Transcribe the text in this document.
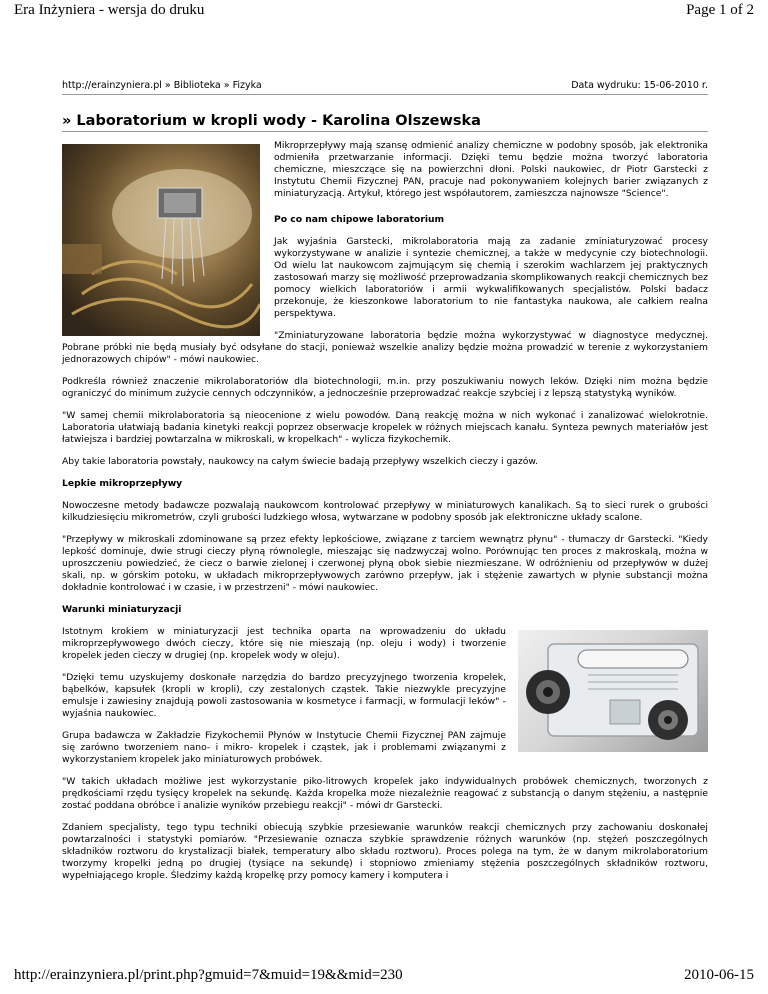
Era Inżyniera - wersja do druku	Page 1 of 2
http://erainzyniera.pl » Biblioteka » Fizyka	Data wydruku: 15-06-2010 r.
» Laboratorium w kropli wody - Karolina Olszewska

Mikroprzepływy mają szansę odmienić analizy chemiczne w podobny sposób, jak elektronika odmieniła przetwarzanie informacji. Dzięki temu będzie można tworzyć laboratoria chemiczne, mieszczące się na powierzchni dłoni. Polski naukowiec, dr Piotr Garstecki z Instytutu Chemii Fizycznej PAN, pracuje nad pokonywaniem kolejnych barier związanych z miniaturyzacją. Artykuł, którego jest współautorem, zamieszcza najnowsze "Science".

Po co nam chipowe laboratorium

Jak wyjaśnia Garstecki, mikrolaboratoria mają za zadanie zminiaturyzować procesy wykorzystywane w analizie i syntezie chemicznej, a także w medycynie czy biotechnologii. Od wielu lat naukowcom zajmującym się chemią i szerokim wachlarzem jej praktycznych zastosowań marzy się możliwość przeprowadzania skomplikowanych reakcji chemicznych bez pomocy wielkich laboratoriów i armii wykwalifikowanych specjalistów. Polski badacz przekonuje, że kieszonkowe laboratorium to nie fantastyka naukowa, ale całkiem realna perspektywa.

"Zminiaturyzowane laboratoria będzie można wykorzystywać w diagnostyce medycznej. Pobrane próbki nie będą musiały być odsyłane do stacji, ponieważ wszelkie analizy będzie można prowadzić w terenie z wykorzystaniem jednorazowych chipów" - mówi naukowiec.

Podkreśla również znaczenie mikrolaboratoriów dla biotechnologii, m.in. przy poszukiwaniu nowych leków. Dzięki nim można będzie ograniczyć do minimum zużycie cennych odczynników, a jednocześnie przeprowadzać reakcje szybciej i z lepszą statystyką wyników.

"W samej chemii mikrolaboratoria są nieocenione z wielu powodów. Daną reakcję można w nich wykonać i zanalizować wielokrotnie. Laboratoria ułatwiają badania kinetyki reakcji poprzez obserwacje kropelek w różnych miejscach kanału. Synteza pewnych materiałów jest łatwiejsza i bardziej powtarzalna w mikroskali, w kropelkach" - wylicza fizykochemik.

Aby takie laboratoria powstały, naukowcy na całym świecie badają przepływy wszelkich cieczy i gazów.

Lepkie mikroprzepływy

Nowoczesne metody badawcze pozwalają naukowcom kontrolować przepływy w miniaturowych kanalikach. Są to sieci rurek o grubości kilkudziesięciu mikrometrów, czyli grubości ludzkiego włosa, wytwarzane w podobny sposób jak elektroniczne układy scalone.

"Przepływy w mikroskali zdominowane są przez efekty lepkościowe, związane z tarciem wewnątrz płynu" - tłumaczy dr Garstecki. "Kiedy lepkość dominuje, dwie strugi cieczy płyną równolegle, mieszając się nadzwyczaj wolno. Porównując ten proces z makroskalą, można w uproszczeniu powiedzieć, że ciecz o barwie zielonej i czerwonej płyną obok siebie niezmieszane. W odróżnieniu od przepływów w dużej skali, np. w górskim potoku, w układach mikroprzepływowych zarówno przepływ, jak i stężenie zawartych w płynie substancji można dokładnie kontrolować i w czasie, i w przestrzeni" - mówi naukowiec.

Warunki miniaturyzacji

Istotnym krokiem w miniaturyzacji jest technika oparta na wprowadzeniu do układu mikroprzepływowego dwóch cieczy, które się nie mieszają (np. oleju i wody) i tworzenie kropelek jeden cieczy w drugiej (np. kropelek wody w oleju).

"Dzięki temu uzyskujemy doskonałe narzędzia do bardzo precyzyjnego tworzenia kropelek, bąbelków, kapsułek (kropli w kropli), czy zestalonych cząstek. Takie niezwykle precyzyjne emulsje i zawiesiny znajdują powoli zastosowania w kosmetyce i farmacji, w formulacji leków" - wyjaśnia naukowiec.

Grupa badawcza w Zakładzie Fizykochemii Płynów w Instytucie Chemii Fizycznej PAN zajmuje się zarówno tworzeniem nano- i mikro- kropelek i cząstek, jak i problemami związanymi z wykorzystaniem kropelek jako miniaturowych probówek.

"W takich układach możliwe jest wykorzystanie piko-litrowych kropelek jako indywidualnych probówek chemicznych, tworzonych z prędkościami rzędu tysięcy kropelek na sekundę. Każda kropelka może niezależnie reagować z substancją o danym stężeniu, a następnie zostać poddana obróbce i analizie wyników przebiegu reakcji" - mówi dr Garstecki.

Zdaniem specjalisty, tego typu techniki obiecują szybkie przesiewanie warunków reakcji chemicznych przy zachowaniu doskonałej powtarzalności i statystyki pomiarów. "Przesiewanie oznacza szybkie sprawdzenie różnych warunków (np. stężeń poszczególnych składników roztworu do krystalizacji białek, temperatury albo składu roztworu). Proces polega na tym, że w danym mikrolaboratorium tworzymy kropelki jedną po drugiej (tysiące na sekundę) i stopniowo zmieniamy stężenia poszczególnych składników roztworu, wypełniającego krople. Śledzimy każdą kropelkę przy pomocy kamery i komputera i

http://erainzyniera.pl/print.php?gmuid=7&muid=19&&mid=230	2010-06-15
